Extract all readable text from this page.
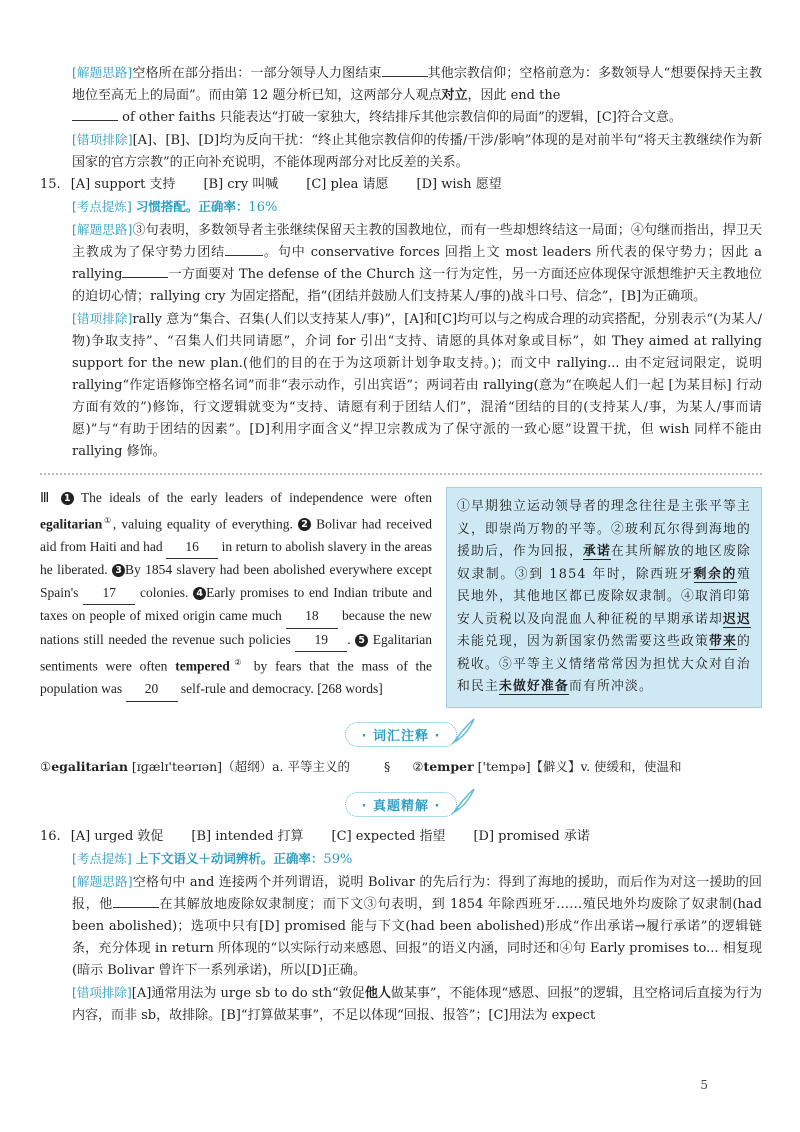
[解题思路]空格所在部分指出：一部分领导人力图结束	其他宗教信仰；空格前意为：多数领导人“想要保持天主教地位至高无上的局面”。而由第 12 题分析已知，这两部分人观点对立，因此 end the
of other faiths 只能表达“打破一家独大，终结排斥其他宗教信仰的局面”的逻辑，[C]符合文意。

[错项排除][A]、[B]、[D]均为反向干扰：“终止其他宗教信仰的传播/干涉/影响”体现的是对前半句“将天主教继续作为新国家的官方宗教”的正向补充说明，不能体现两部分对比反差的关系。

15. [A] support 支持 [B] cry 叫喊 [C] plea 请愿 [D] wish 愿望

[考点提炼] 习惯搭配。正确率：16%

[解题思路]③句表明，多数领导者主张继续保留天主教的国教地位，而有一些却想终结这一局面；④句继而指出，捍卫天主教成为了保守势力团结	。句中 conservative forces 回指上文 most leaders 所代表的保守势力；因此 a rallying	一方面要对 The defense of the Church 这一行为定性，另一方面还应体现保守派想维护天主教地位的迫切心情；rallying cry 为固定搭配，指“(团结并鼓励人们支持某人/事的)战斗口号、信念”，[B]为正确项。

[错项排除]rally 意为“集合、召集(人们以支持某人/事)”，[A]和[C]均可以与之构成合理的动宾搭配，分别表示“(为某人/物)争取支持”、“召集人们共同请愿”，介词 for 引出“支持、请愿的具体对象或目标”，如 They aimed at rallying support for the new plan.(他们的目的在于为这项新计划争取支持。)；而文中 rallying... 由不定冠词限定，说明 rallying“作定语修饰空格名词”而非“表示动作，引出宾语”；两词若由 rallying(意为“在唤起人们一起 [为某目标] 行动方面有效的”)修饰，行文逻辑就变为“支持、请愿有利于团结人们”，混淆“团结的目的(支持某人/事，为某人/事而请愿)”与“有助于团结的因素”。[D]利用字面含义“捍卫宗教成为了保守派的一致心愿”设置干扰，但 wish 同样不能由 rallying 修饰。

Ⅲ 1 The ideals of the early leaders of independence were often egalitarian①, valuing equality of everything. 2 Bolivar had received aid from Haiti and had 16 in return to abolish slavery in the areas he liberated. 3 By 1854 slavery had been abolished everywhere except Spain's 17 colonies. 4 Early promises to end Indian tribute and taxes on people of mixed origin came much 18 because the new nations still needed the revenue such policies 19 . 5 Egalitarian sentiments were often tempered② by fears that the mass of the population was 20 self-rule and democracy. [268 words]
①早期独立运动领导者的理念往往是主张平等主义，即崇尚万物的平等。②玻利瓦尔得到海地的援助后，作为回报，承诺在其所解放的地区废除奴隶制。③到 1854 年时，除西班牙剩余的殖民地外，其他地区都已废除奴隶制。④取消印第安人贡税以及向混血人种征税的早期承诺却迟迟未能兑现，因为新国家仍然需要这些政策带来的税收。⑤平等主义情绪常常因为担忧大众对自治和民主未做好准备而有所冲淡。
· 词汇注释 ·
①egalitarian [ɪɡælɪ'teərɪən]（超纲）a. 平等主义的	§ ②temper ['tempə]【僻义】v. 使缓和，使温和
· 真题精解 ·
16. [A] urged 敦促 [B] intended 打算 [C] expected 指望 [D] promised 承诺

[考点提炼] 上下文语义＋动词辨析。正确率：59%

[解题思路]空格句中 and 连接两个并列谓语，说明 Bolivar 的先后行为：得到了海地的援助，而后作为对这一援助的回报，他	在其解放地废除奴隶制度；而下文③句表明，到 1854 年除西班牙……殖民地外均废除了奴隶制(had been abolished)；选项中只有[D] promised 能与下文(had been abolished)形成“作出承诺→履行承诺”的逻辑链条，充分体现 in return 所体现的“以实际行动来感恩、回报”的语义内涵，同时还和④句 Early promises to... 相复现(暗示 Bolivar 曾许下一系列承诺)，所以[D]正确。

[错项排除][A]通常用法为 urge sb to do sth“敦促他人做某事”，不能体现“感恩、回报”的逻辑，且空格词后直接为行为内容，而非 sb，故排除。[B]“打算做某事”，不足以体现“回报、报答”；[C]用法为 expect

5
